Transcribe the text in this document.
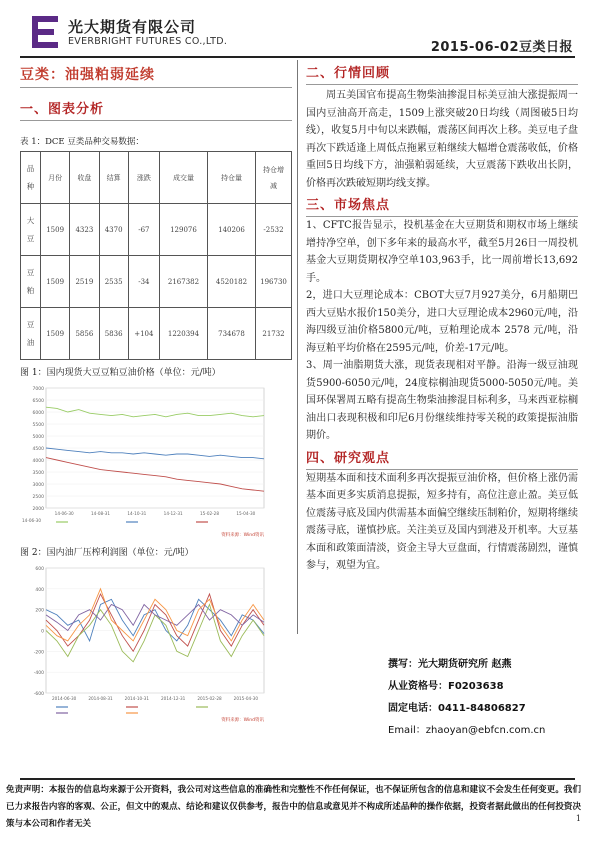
光大期货有限公司
EVERBRIGHT FUTURES CO.,LTD.	2015-06-02豆类日报
豆类：油强粕弱延续
一、图表分析
表 1：DCE 豆类品种交易数据：
品种	月份	收盘	结算	涨跌	成交量	持仓量	持仓增减
大豆	1509	4323	4370	-67	129076	140206	-2532
豆粕	1509	2519	2535	-34	2167382	4520182	196730
豆油	1509	5856	5836	+104	1220394	734678	21732
图 1：国内现货大豆豆粕豆油价格（单位：元/吨）
7000
6500
6000
5500
5000
4500
4000
3500
3000
2500
2000
14-06-30	14-08-31	14-10-31	14-12-31	15-02-28	15-04-30
14-06-30
资料来源：Wind资讯
图 2：国内油厂压榨利润图（单位：元/吨）
600
400
200
0
-200
-400
-600
2014-06-30	2014-08-31	2014-10-31	2014-12-31	2015-02-28	2015-04-30
资料来源：Wind资讯
二、行情回顾

周五美国官布提高生物柴油掺混目标美豆油大涨提振周一国内豆油高开高走，1509上涨突破20日均线（周图破5日均线），收复5月中旬以来跌幅，震荡区间再次上移。美豆电子盘再次下跌适逢上周低点拖累豆粕继续大幅增仓震荡收低，价格重回5日均线下方，油强粕弱延续，大豆震荡下跌收出长阴，价格再次跌破短期均线支撑。

三、市场焦点

1、CFTC报告显示，投机基金在大豆期货和期权市场上继续增持净空单，创下多年来的最高水平，截至5月26日一周投机基金大豆期货期权净空单103,963手，比一周前增长13,692手。

2，进口大豆理论成本：CBOT大豆7月927美分，6月船期巴西大豆贴水报价150美分，进口大豆理论成本2960元/吨，沿海四级豆油价格5800元/吨，豆粕理论成本 2578 元/吨，沿海豆粕平均价格在2595元/吨，价差-17元/吨。

3、周一油脂期货大涨，现货表现相对平静。沿海一级豆油现货5900-6050元/吨，24度棕榈油现货5000-5050元/吨。美国环保署周五略有提高生物柴油掺混目标利多，马来西亚棕榈油出口表现积极和印尼6月份继续维持零关税的政策提振油脂期价。

四、研究观点

短期基本面和技术面利多再次提振豆油价格，但价格上涨仍需基本面更多实质消息提振，短多持有，高位注意止盈。美豆低位震荡寻底及国内供需基本面偏空继续压制粕价，短期将继续震荡寻底，谨慎抄底。关注美豆及国内到港及开机率。大豆基本面和政策面清淡，资金主导大豆盘面，行情震荡剧烈，谨慎参与，观望为宜。

撰写：光大期货研究所 赵燕
从业资格号：F0203638
固定电话：0411-84806827
Email：zhaoyan@ebfcn.com.cn
免责声明：本报告的信息均来源于公开资料，我公司对这些信息的准确性和完整性不作任何保证，也不保证所包含的信息和建议不会发生任何变更。我们已力求报告内容的客观、公正，但文中的观点、结论和建议仅供参考，报告中的信息或意见并不构成所述品种的操作依据，投资者据此做出的任何投资决策与本公司和作者无关
1
